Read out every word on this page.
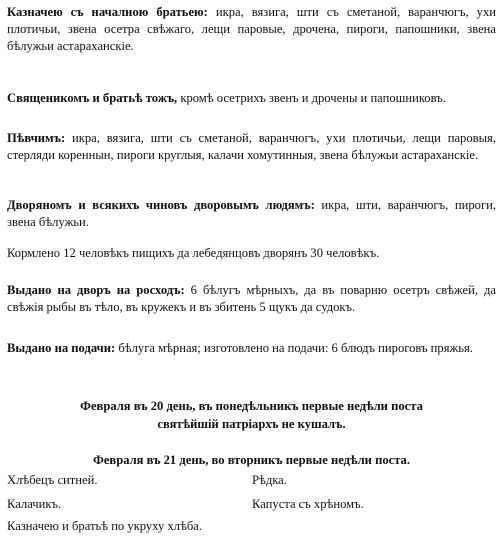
Казначею съ началною братьею: икра, вязига, шти съ сметаной, варанчюгъ, ухи плотичьи, звена осетра свѣжаго, лещи паровые, дрочена, пироги, папошники, звена бѣлужьи астараханскіе.

Священикомъ и братьѣ тожъ, кромѣ осетрихъ звенъ и дрочены и папошниковъ.

Пѣвчимъ: икра, вязига, шти съ сметаной, варанчюгъ, ухи плотичьи, лещи паровыя, стерляди кореннын, пироги круглыя, калачи хомутинныя, звена бѣлужьи астараханскіе.

Дворяномъ и всякихъ чиновъ дворовымъ людямъ: икра, шти, варанчюгъ, пироги, звена бѣлужьи.

Кормлено 12 человѣкъ пищихъ да лебедянцовъ дворянъ 30 человѣкъ.

Выдано на дворъ на росходъ: 6 бѣлугъ мѣрныхъ, да въ поварню осетръ свѣжей, да свѣжія рыбы въ тѣло, въ кружекъ и въ збитень 5 щукъ да судокъ.

Выдано на подачи: бѣлуга мѣрная; изготовлено на подачи: 6 блюдъ пироговъ пряжья.

Февраля въ 20 день, въ понедѣльникъ первые недѣли поста

святѣйшій патріархъ не кушалъ.

Февраля въ 21 день, во вторникъ первые недѣли поста.

Хлѣбецъ ситней.	Рѣдка.

Калачикъ.	Капуста съ хрѣномъ.

Казначею и братьѣ по укруху хлѣба.
